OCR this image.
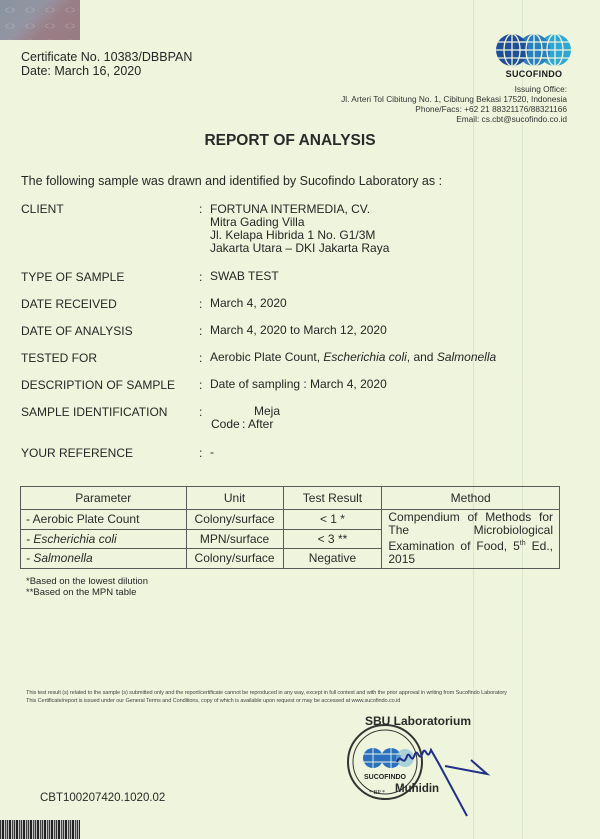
Certificate No. 10383/DBBPAN
Date: March 16, 2020	SUCOFINDO
Issuing Office:
Jl. Arteri Tol Cibitung No. 1, Cibitung Bekasi 17520, Indonesia
Phone/Facs: +62 21 88321176/88321166
Email: cs.cbt@sucofindo.co.id
REPORT OF ANALYSIS
The following sample was drawn and identified by Sucofindo Laboratory as :
CLIENT	: FORTUNA INTERMEDIA, CV.
Mitra Gading Villa
Jl. Kelapa Hibrida 1 No. G1/3M
Jakarta Utara – DKI Jakarta Raya
TYPE OF SAMPLE	: SWAB TEST
DATE RECEIVED	: March 4, 2020
DATE OF ANALYSIS	: March 4, 2020 to March 12, 2020
TESTED FOR	: Aerobic Plate Count, Escherichia coli, and Salmonella
DESCRIPTION OF SAMPLE : Date of sampling : March 4, 2020
SAMPLE IDENTIFICATION	:	Meja
Code : After
YOUR REFERENCE	: -
Parameter	Unit	Test Result	Method
- Aerobic Plate Count	Colony/surface	< 1 *	Compendium of Methods for The Microbiological Examination of Food, 5th Ed., 2015
- Escherichia coli	MPN/surface	< 3 **	
- Salmonella	Colony/surface	Negative	
*Based on the lowest dilution
**Based on the MPN table
This test result (s) related to the sample (s) submitted only and the report/certificate cannot be reproduced in any way, except in full context and with the prior approval in writing from Sucofindo Laboratory
This Certificate/report is issued under our General Terms and Conditions, copy of which is available upon request or may be accessed at www.sucofindo.co.id
SUCOFINDO
* BP *
SBU Laboratorium
Muhidin
CBT100207420.1020.02
